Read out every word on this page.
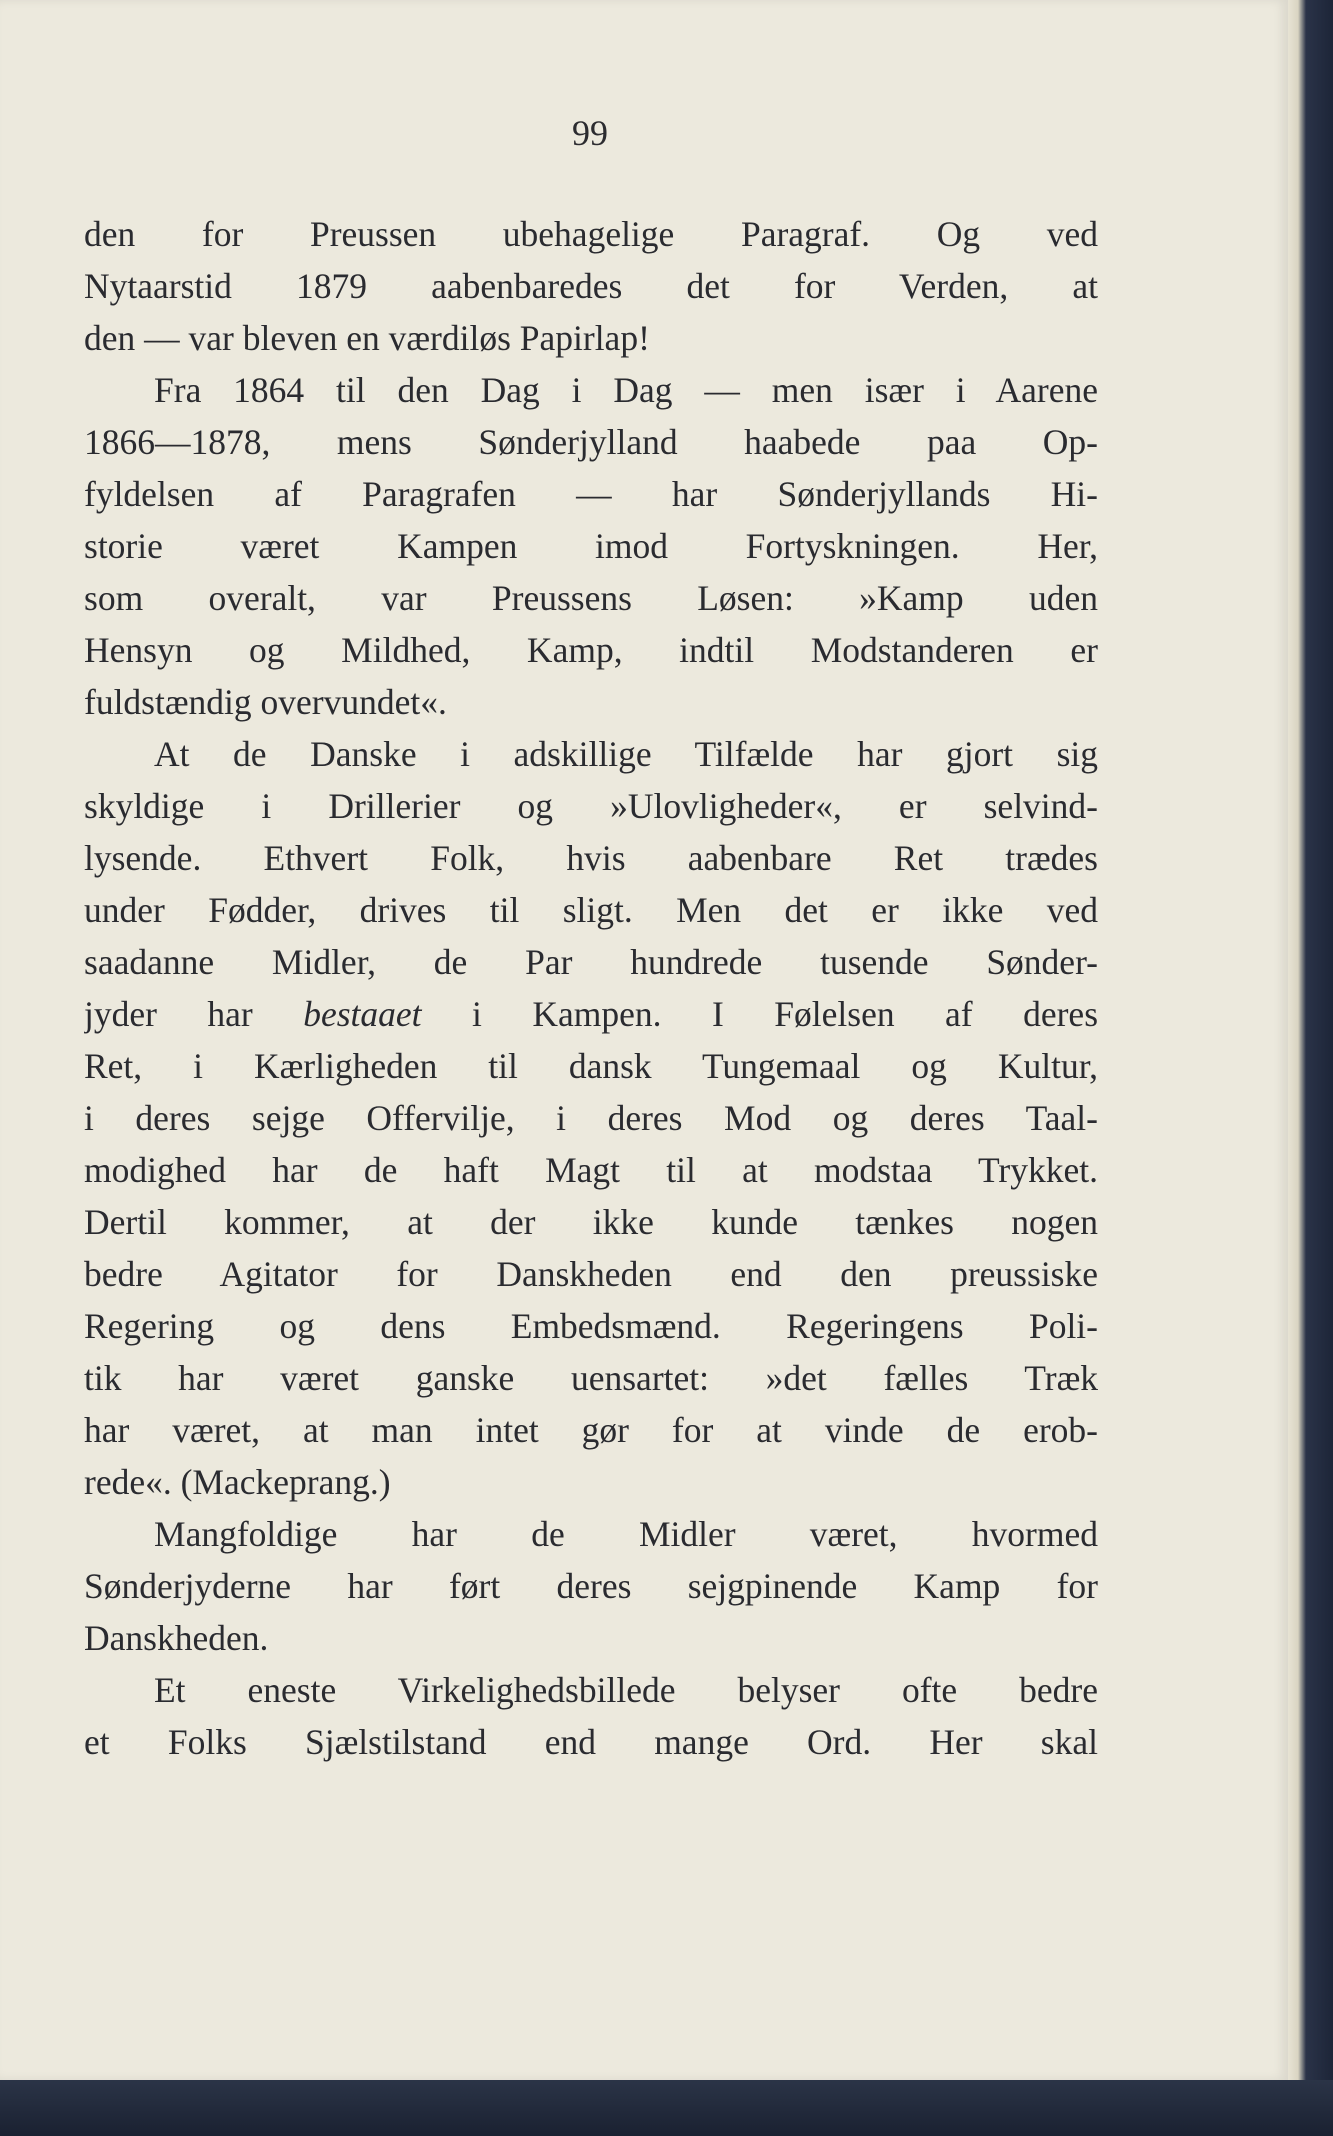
99
den for Preussen ubehagelige Paragraf. Og ved
Nytaarstid 1879 aabenbaredes det for Verden, at
den — var bleven en værdiløs Papirlap!
Fra 1864 til den Dag i Dag — men især i Aarene
1866—1878, mens Sønderjylland haabede paa Op-
fyldelsen af Paragrafen — har Sønderjyllands Hi-
storie været Kampen imod Fortyskningen. Her,
som overalt, var Preussens Løsen: »Kamp uden
Hensyn og Mildhed, Kamp, indtil Modstanderen er
fuldstændig overvundet«.
At de Danske i adskillige Tilfælde har gjort sig
skyldige i Drillerier og »Ulovligheder«, er selvind-
lysende. Ethvert Folk, hvis aabenbare Ret trædes
under Fødder, drives til sligt. Men det er ikke ved
saadanne Midler, de Par hundrede tusende Sønder-
jyder har bestaaet i Kampen. I Følelsen af deres
Ret, i Kærligheden til dansk Tungemaal og Kultur,
i deres sejge Offervilje, i deres Mod og deres Taal-
modighed har de haft Magt til at modstaa Trykket.
Dertil kommer, at der ikke kunde tænkes nogen
bedre Agitator for Danskheden end den preussiske
Regering og dens Embedsmænd. Regeringens Poli-
tik har været ganske uensartet: »det fælles Træk
har været, at man intet gør for at vinde de erob-
rede«. (Mackeprang.)
Mangfoldige har de Midler været, hvormed
Sønderjyderne har ført deres sejgpinende Kamp for
Danskheden.
Et eneste Virkelighedsbillede belyser ofte bedre
et Folks Sjælstilstand end mange Ord. Her skal
